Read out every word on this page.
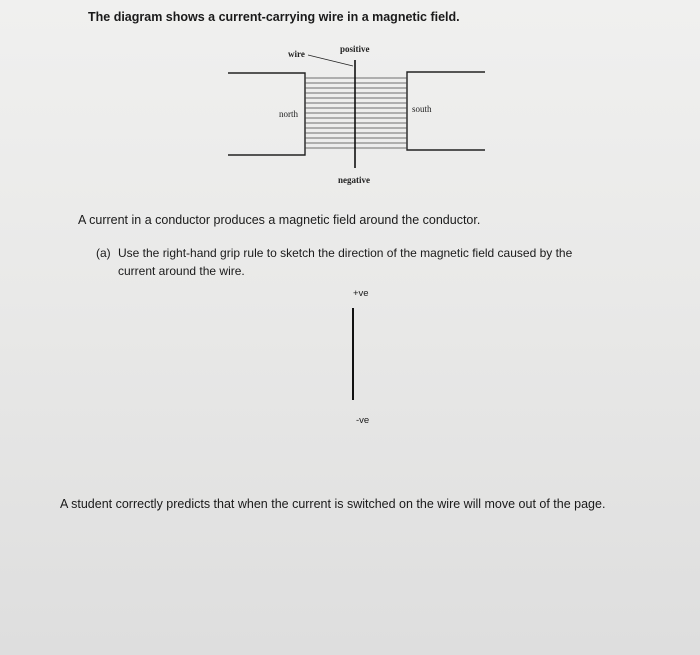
The diagram shows a current-carrying wire in a magnetic field.
wire	positive
north	south
negative
A current in a conductor produces a magnetic field around the conductor.
(a) Use the right-hand grip rule to sketch the direction of the magnetic field caused by the
current around the wire.
+ve
-ve
A student correctly predicts that when the current is switched on the wire will move out of the page.
